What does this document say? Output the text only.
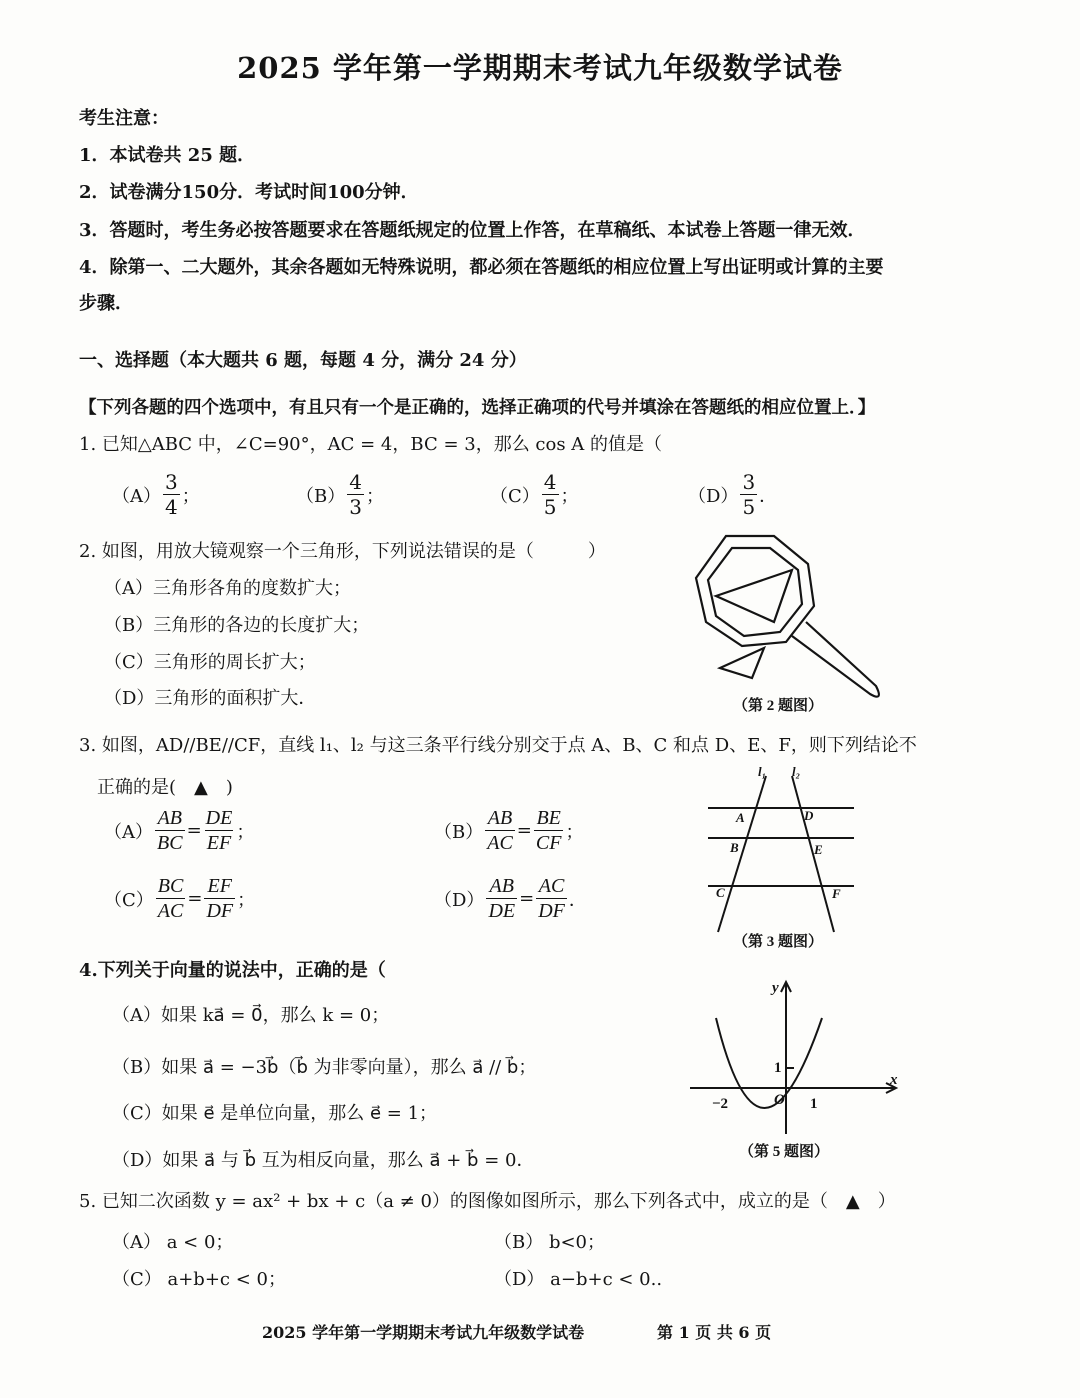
2025 学年第一学期期末考试九年级数学试卷
考生注意：
1．本试卷共 25 题．
2．试卷满分150分．考试时间100分钟．
3．答题时，考生务必按答题要求在答题纸规定的位置上作答，在草稿纸、本试卷上答题一律无效．
4．除第一、二大题外，其余各题如无特殊说明，都必须在答题纸的相应位置上写出证明或计算的主要
步骤．
一、选择题（本大题共 6 题，每题 4 分，满分 24 分）
【下列各题的四个选项中，有且只有一个是正确的，选择正确项的代号并填涂在答题纸的相应位置上．】
1. 已知△ABC 中，∠C=90°，AC = 4，BC = 3，那么 cos A 的值是（
$(A) \frac{3}{4}$ ；	$(B) \frac{4}{3}$ ；	$(C) \frac{4}{5}$ ；	$(D) \frac{3}{5}$ ．
2. 如图，用放大镜观察一个三角形，下列说法错误的是（　　　）
（A）三角形各角的度数扩大；
（B）三角形的各边的长度扩大；
（C）三角形的周长扩大；
（D）三角形的面积扩大．	（第 2 题图）
3. 如图，AD//BE//CF，直线 l₁、l₂ 与这三条平行线分别交于点 A、B、C 和点 D、E、F，则下列结论不
正确的是(　▲　)
$(A) \frac{AB}{BC} = \frac{DE}{EF}$ ；	$(B) \frac{AB}{AC} = \frac{BE}{CF}$ ；
$(C) \frac{BC}{AC} = \frac{EF}{DF}$ ；	$(D) \frac{AB}{DE} = \frac{AC}{DF}$ ．
l₁ l₂
A
B
C
D
E
F
（第 3 题图）
4.下列关于向量的说法中，正确的是（
（A）如果 ka⃗ = 0⃗，那么 k = 0；
（B）如果 a⃗ = −3b⃗（b⃗ 为非零向量），那么 a⃗ // b⃗；
（C）如果 e⃗ 是单位向量，那么 e⃗ = 1；
（D）如果 a⃗ 与 b⃗ 互为相反向量，那么 a⃗ + b⃗ = 0．
x
y
O
−2	1
1
（第 5 题图）
5. 已知二次函数 y = ax² + bx + c（a ≠ 0）的图像如图所示，那么下列各式中，成立的是（　▲　）
（A） a < 0；	（B） b<0；
（C） a+b+c < 0；	（D） a−b+c < 0..
2025 学年第一学期期末考试九年级数学试卷	第 1 页 共 6 页
